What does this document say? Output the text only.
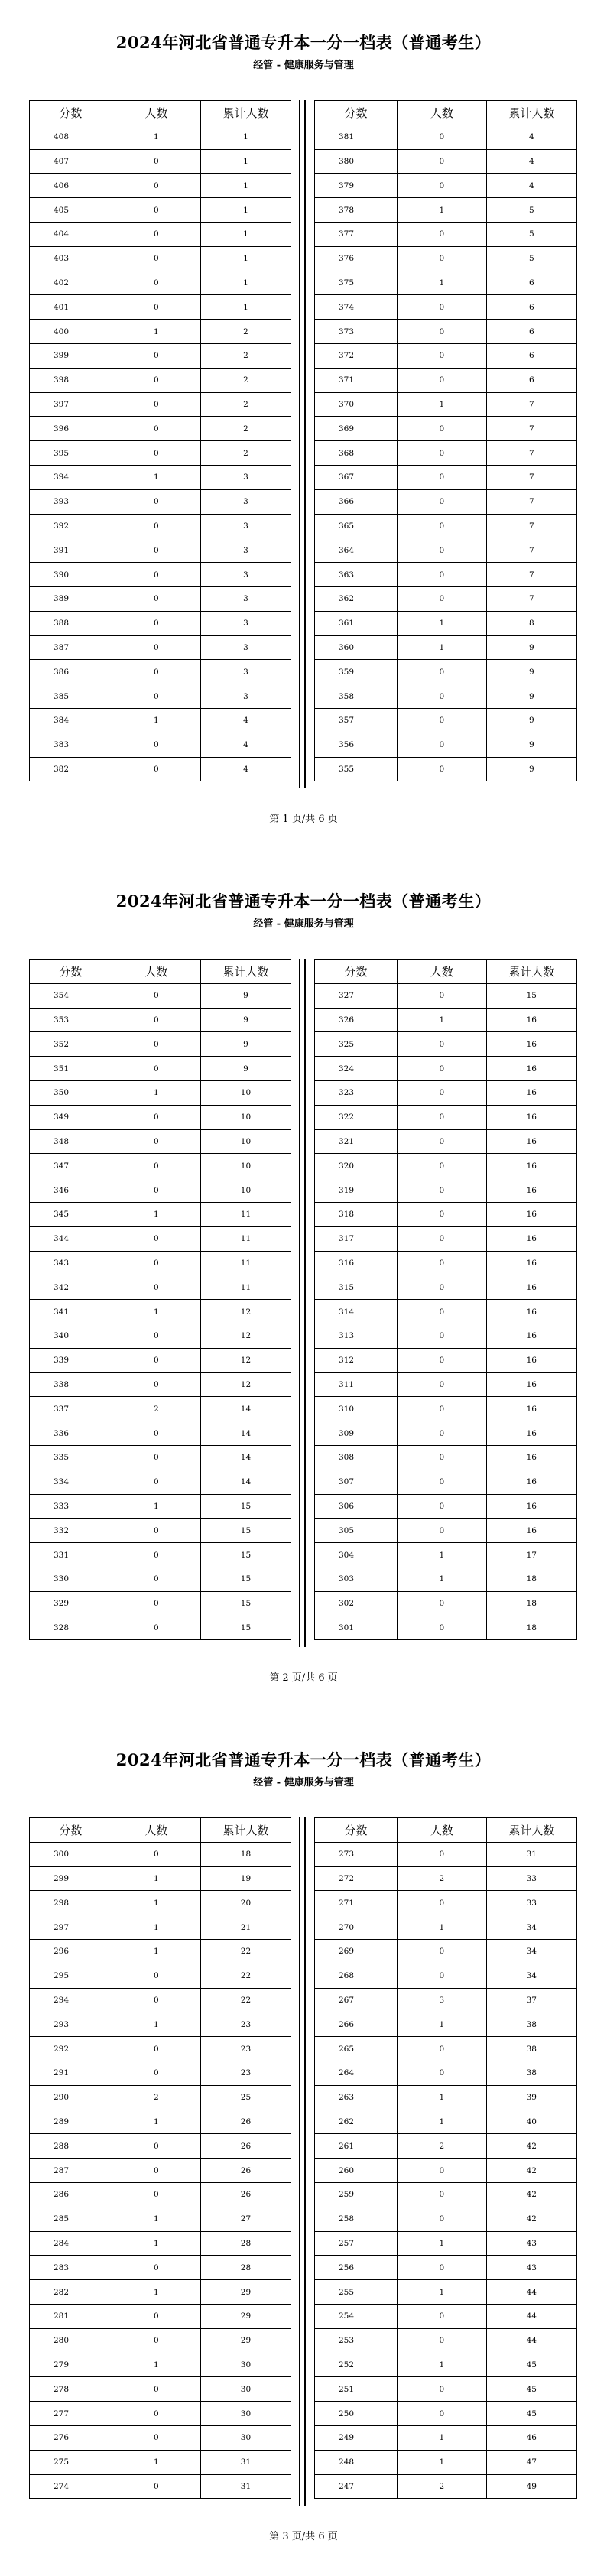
2024年河北省普通专升本一分一档表（普通考生）
经管 - 健康服务与管理
分数	人数	累计人数
408	1	1
407	0	1
406	0	1
405	0	1
404	0	1
403	0	1
402	0	1
401	0	1
400	1	2
399	0	2
398	0	2
397	0	2
396	0	2
395	0	2
394	1	3
393	0	3
392	0	3
391	0	3
390	0	3
389	0	3
388	0	3
387	0	3
386	0	3
385	0	3
384	1	4
383	0	4
382	0	4
分数	人数	累计人数
381	0	4
380	0	4
379	0	4
378	1	5
377	0	5
376	0	5
375	1	6
374	0	6
373	0	6
372	0	6
371	0	6
370	1	7
369	0	7
368	0	7
367	0	7
366	0	7
365	0	7
364	0	7
363	0	7
362	0	7
361	1	8
360	1	9
359	0	9
358	0	9
357	0	9
356	0	9
355	0	9
第 1 页/共 6 页
2024年河北省普通专升本一分一档表（普通考生）
经管 - 健康服务与管理
分数	人数	累计人数
354	0	9
353	0	9
352	0	9
351	0	9
350	1	10
349	0	10
348	0	10
347	0	10
346	0	10
345	1	11
344	0	11
343	0	11
342	0	11
341	1	12
340	0	12
339	0	12
338	0	12
337	2	14
336	0	14
335	0	14
334	0	14
333	1	15
332	0	15
331	0	15
330	0	15
329	0	15
328	0	15
分数	人数	累计人数
327	0	15
326	1	16
325	0	16
324	0	16
323	0	16
322	0	16
321	0	16
320	0	16
319	0	16
318	0	16
317	0	16
316	0	16
315	0	16
314	0	16
313	0	16
312	0	16
311	0	16
310	0	16
309	0	16
308	0	16
307	0	16
306	0	16
305	0	16
304	1	17
303	1	18
302	0	18
301	0	18
第 2 页/共 6 页
2024年河北省普通专升本一分一档表（普通考生）
经管 - 健康服务与管理
分数	人数	累计人数
300	0	18
299	1	19
298	1	20
297	1	21
296	1	22
295	0	22
294	0	22
293	1	23
292	0	23
291	0	23
290	2	25
289	1	26
288	0	26
287	0	26
286	0	26
285	1	27
284	1	28
283	0	28
282	1	29
281	0	29
280	0	29
279	1	30
278	0	30
277	0	30
276	0	30
275	1	31
274	0	31
分数	人数	累计人数
273	0	31
272	2	33
271	0	33
270	1	34
269	0	34
268	0	34
267	3	37
266	1	38
265	0	38
264	0	38
263	1	39
262	1	40
261	2	42
260	0	42
259	0	42
258	0	42
257	1	43
256	0	43
255	1	44
254	0	44
253	0	44
252	1	45
251	0	45
250	0	45
249	1	46
248	1	47
247	2	49
第 3 页/共 6 页
